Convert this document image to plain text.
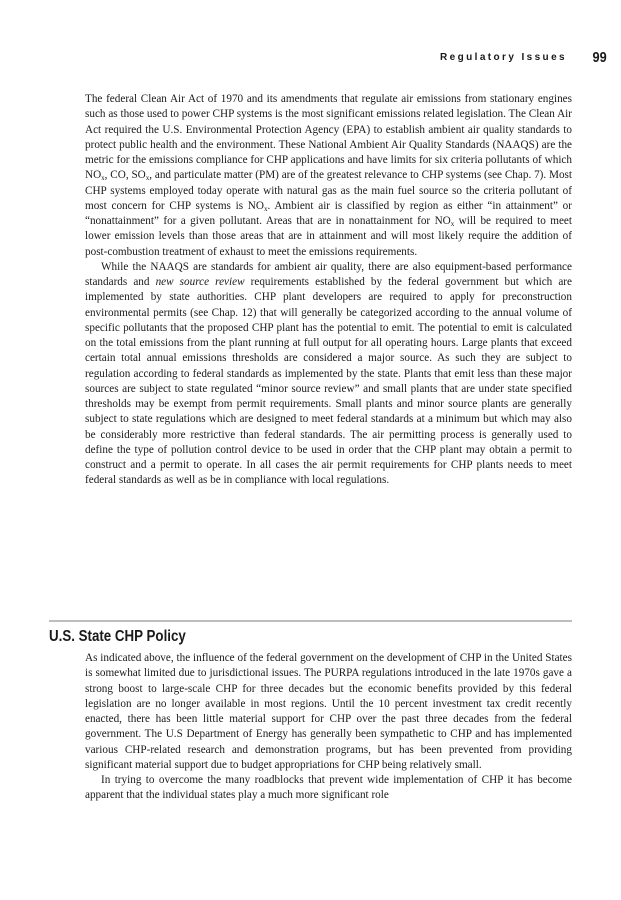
Regulatory Issues 99

The federal Clean Air Act of 1970 and its amendments that regulate air emissions from stationary engines such as those used to power CHP systems is the most significant emissions related legislation. The Clean Air Act required the U.S. Environmental Protection Agency (EPA) to establish ambient air quality standards to protect public health and the environment. These National Ambient Air Quality Standards (NAAQS) are the metric for the emissions compliance for CHP applications and have limits for six criteria pollutants of which $NO_x$, CO, $SO_x$, and particulate matter (PM) are of the greatest relevance to CHP systems (see Chap. 7). Most CHP systems employed today operate with natural gas as the main fuel source so the criteria pollutant of most concern for CHP systems is $NO_x$. Ambient air is classified by region as either “in attainment” or “nonattainment” for a given pollutant. Areas that are in nonattainment for $NO_x$ will be required to meet lower emission levels than those areas that are in attainment and will most likely require the addition of post-combustion treatment of exhaust to meet the emissions requirements.

While the NAAQS are standards for ambient air quality, there are also equipment-based performance standards and new source review requirements established by the federal government but which are implemented by state authorities. CHP plant developers are required to apply for preconstruction environmental permits (see Chap. 12) that will generally be categorized according to the annual volume of specific pollutants that the proposed CHP plant has the potential to emit. The potential to emit is calculated on the total emissions from the plant running at full output for all operating hours. Large plants that exceed certain total annual emissions thresholds are considered a major source. As such they are subject to regulation according to federal standards as implemented by the state. Plants that emit less than these major sources are subject to state regulated “minor source review” and small plants that are under state specified thresholds may be exempt from permit requirements. Small plants and minor source plants are generally subject to state regulations which are designed to meet federal standards at a minimum but which may also be considerably more restrictive than federal standards. The air permitting process is generally used to define the type of pollution control device to be used in order that the CHP plant may obtain a permit to construct and a permit to operate. In all cases the air permit requirements for CHP plants needs to meet federal standards as well as be in compliance with local regulations.

U.S. State CHP Policy

As indicated above, the influence of the federal government on the development of CHP in the United States is somewhat limited due to jurisdictional issues. The PURPA regulations introduced in the late 1970s gave a strong boost to large-scale CHP for three decades but the economic benefits provided by this federal legislation are no longer available in most regions. Until the 10 percent investment tax credit recently enacted, there has been little material support for CHP over the past three decades from the federal government. The U.S Department of Energy has generally been sympathetic to CHP and has implemented various CHP-related research and demonstration programs, but has been prevented from providing significant material support due to budget appropriations for CHP being relatively small.

In trying to overcome the many roadblocks that prevent wide implementation of CHP it has become apparent that the individual states play a much more significant role
